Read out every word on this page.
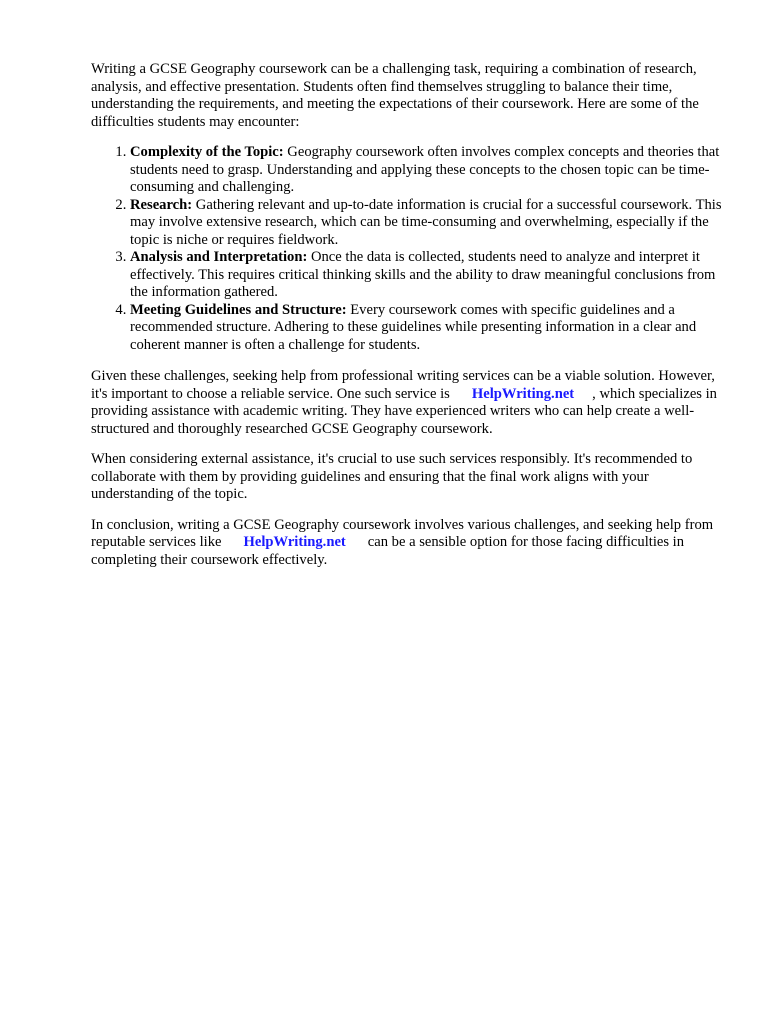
Writing a GCSE Geography coursework can be a challenging task, requiring a combination of research, analysis, and effective presentation. Students often find themselves struggling to balance their time, understanding the requirements, and meeting the expectations of their coursework. Here are some of the difficulties students may encounter:

1. Complexity of the Topic: Geography coursework often involves complex concepts and theories that students need to grasp. Understanding and applying these concepts to the chosen topic can be time-consuming and challenging.
2. Research: Gathering relevant and up-to-date information is crucial for a successful coursework. This may involve extensive research, which can be time-consuming and overwhelming, especially if the topic is niche or requires fieldwork.
3. Analysis and Interpretation: Once the data is collected, students need to analyze and interpret it effectively. This requires critical thinking skills and the ability to draw meaningful conclusions from the information gathered.
4. Meeting Guidelines and Structure: Every coursework comes with specific guidelines and a recommended structure. Adhering to these guidelines while presenting information in a clear and coherent manner is often a challenge for students.

Given these challenges, seeking help from professional writing services can be a viable solution. However, it's important to choose a reliable service. One such service is HelpWriting.net , which specializes in providing assistance with academic writing. They have experienced writers who can help create a well-structured and thoroughly researched GCSE Geography coursework.

When considering external assistance, it's crucial to use such services responsibly. It's recommended to collaborate with them by providing guidelines and ensuring that the final work aligns with your understanding of the topic.

In conclusion, writing a GCSE Geography coursework involves various challenges, and seeking help from reputable services like HelpWriting.net can be a sensible option for those facing difficulties in completing their coursework effectively.
